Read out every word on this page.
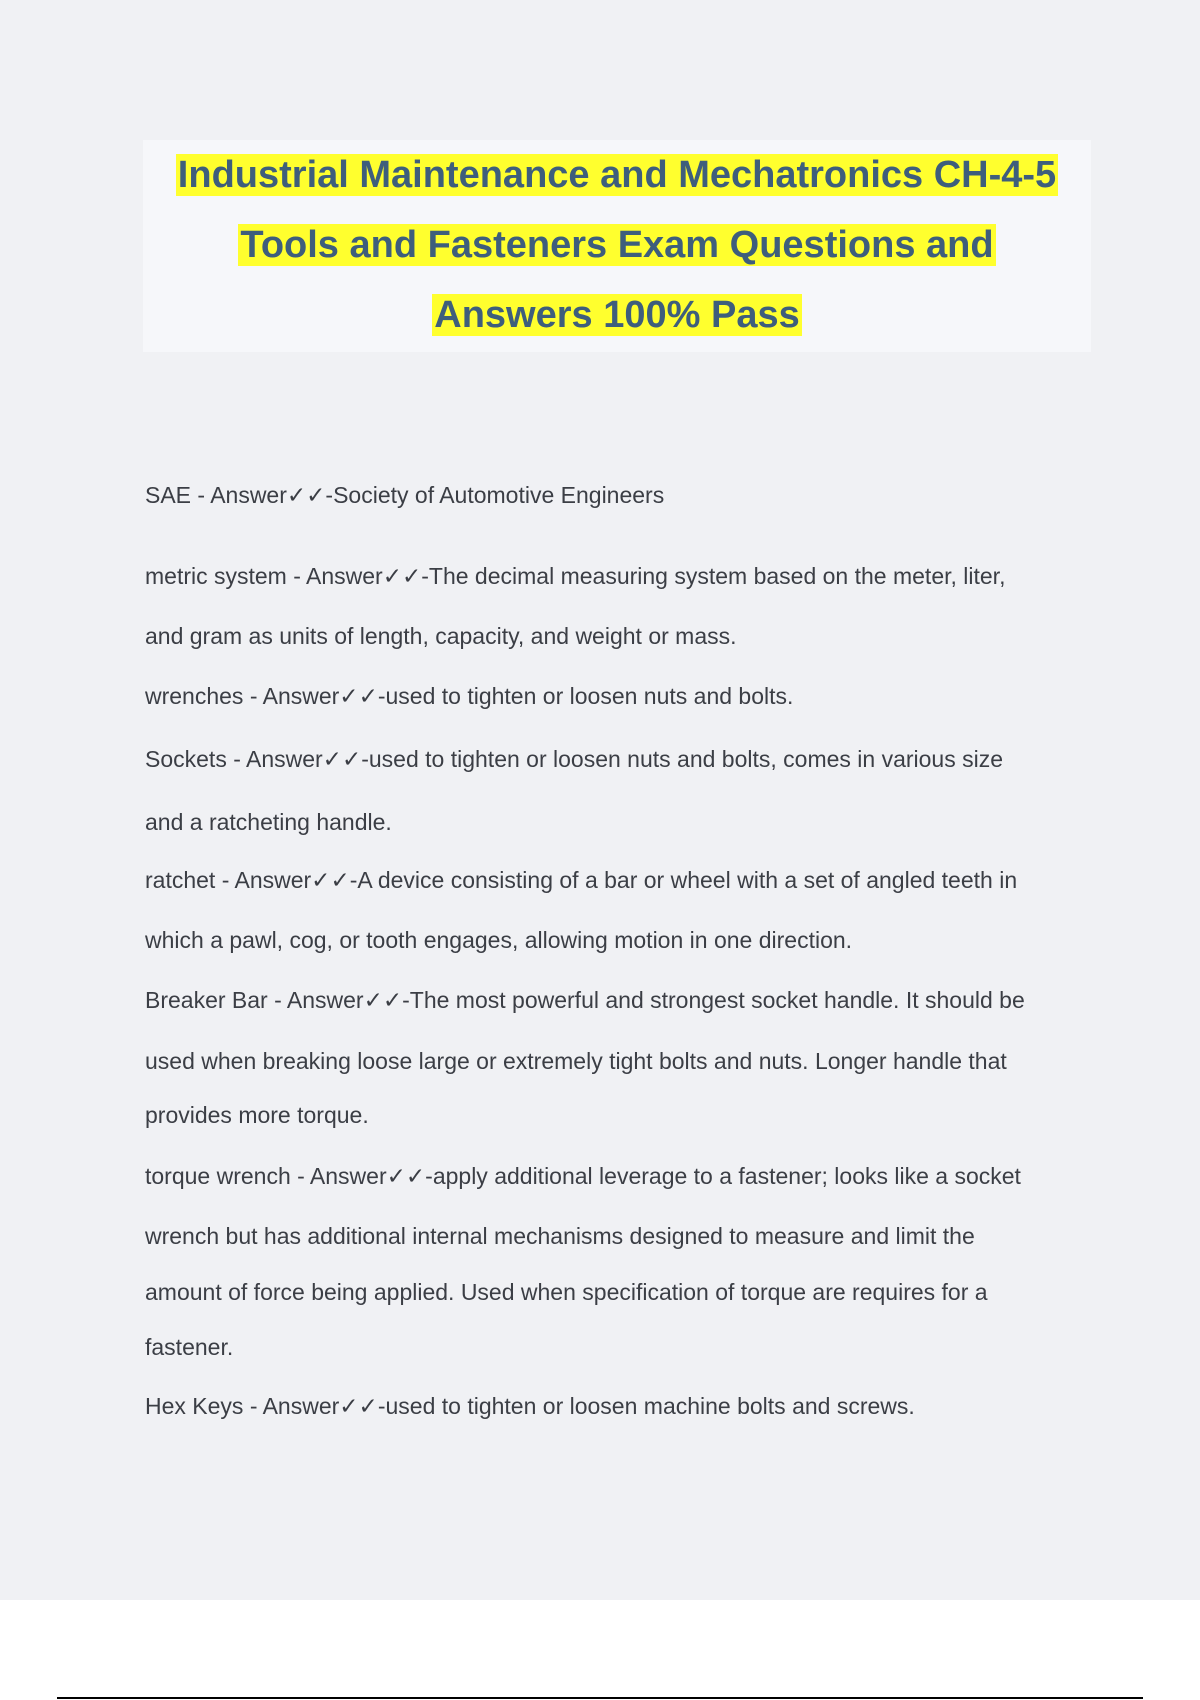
Industrial Maintenance and Mechatronics CH-4-5
Tools and Fasteners Exam Questions and
Answers 100% Pass
SAE - Answer✓✓-Society of Automotive Engineers
metric system - Answer✓✓-The decimal measuring system based on the meter, liter,
and gram as units of length, capacity, and weight or mass.
wrenches - Answer✓✓-used to tighten or loosen nuts and bolts.
Sockets - Answer✓✓-used to tighten or loosen nuts and bolts, comes in various size
and a ratcheting handle.
ratchet - Answer✓✓-A device consisting of a bar or wheel with a set of angled teeth in
which a pawl, cog, or tooth engages, allowing motion in one direction.
Breaker Bar - Answer✓✓-The most powerful and strongest socket handle. It should be
used when breaking loose large or extremely tight bolts and nuts. Longer handle that
provides more torque.
torque wrench - Answer✓✓-apply additional leverage to a fastener; looks like a socket
wrench but has additional internal mechanisms designed to measure and limit the
amount of force being applied. Used when specification of torque are requires for a
fastener.
Hex Keys - Answer✓✓-used to tighten or loosen machine bolts and screws.
